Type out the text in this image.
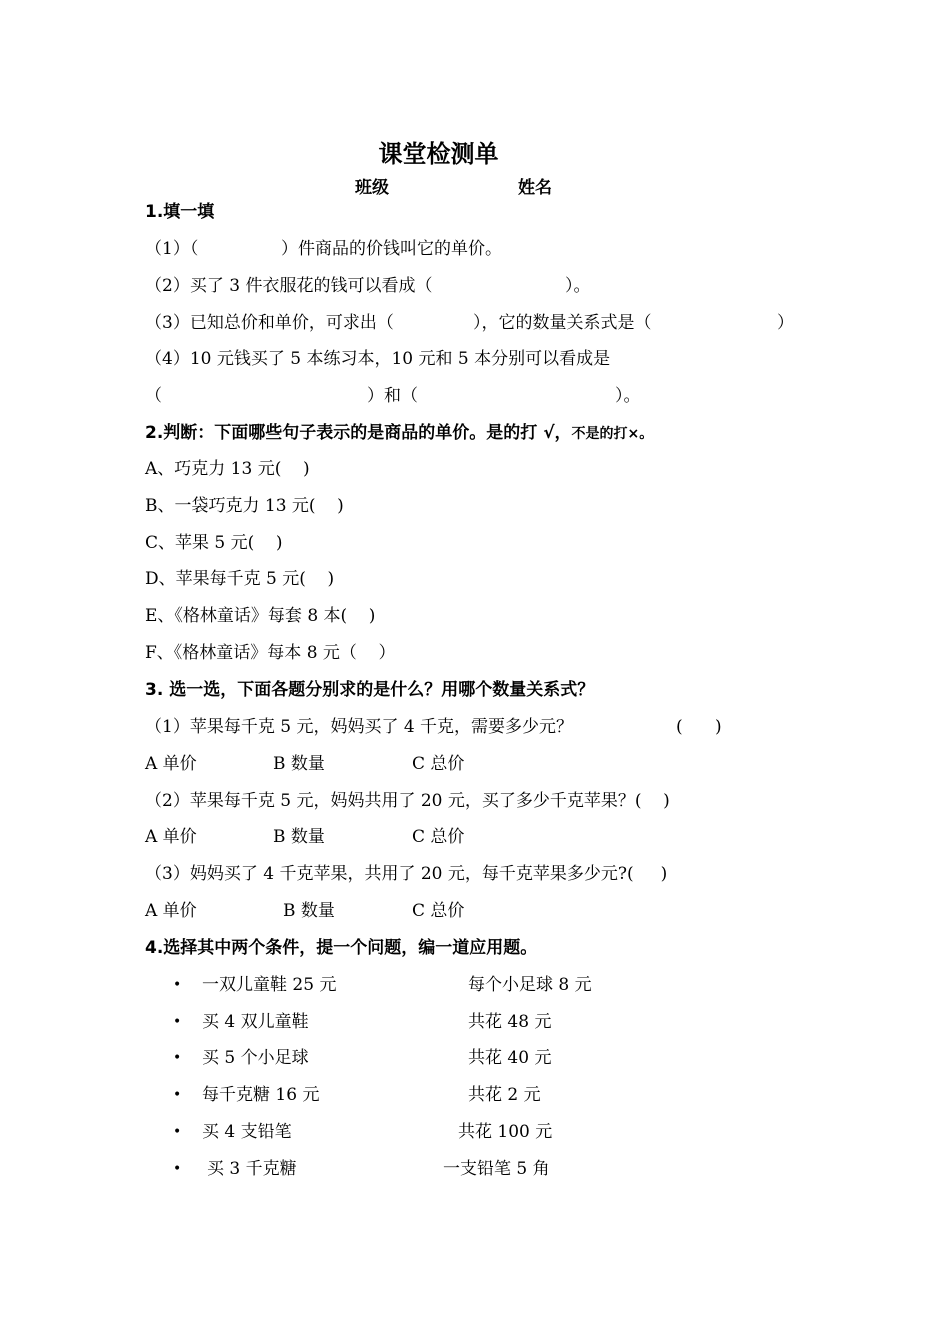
课堂检测单
班级	姓名
1.填一填
（1）（	）件商品的价钱叫它的单价。
（2）买了 3 件衣服花的钱可以看成（	）。
（3）已知总价和单价，可求出（	），它的数量关系式是（	）
（4）10 元钱买了 5 本练习本，10 元和 5 本分别可以看成是
（	）和（	）。
2.判断：下面哪些句子表示的是商品的单价。是的打 √，不是的打×。
A、巧克力 13 元(    )
B、一袋巧克力 13 元(    )
C、苹果 5 元(    )
D、苹果每千克 5 元(    )
E、《格林童话》每套 8 本(    )
F、《格林童话》每本 8 元（    ）
3. 选一选，下面各题分别求的是什么？用哪个数量关系式？
（1）苹果每千克 5 元，妈妈买了 4 千克，需要多少元？	(      )
A 单价	B 数量	C 总价
（2）苹果每千克 5 元，妈妈共用了 20 元，买了多少千克苹果？(    )
A 单价	B 数量	C 总价
（3）妈妈买了 4 千克苹果，共用了 20 元，每千克苹果多少元?(     )
A 单价	B 数量	C 总价
4.选择其中两个条件，提一个问题，编一道应用题。
• 一双儿童鞋 25 元	每个小足球 8 元
• 买 4 双儿童鞋	共花 48 元
• 买 5 个小足球	共花 40 元
• 每千克糖 16 元	共花 2 元
• 买 4 支铅笔	共花 100 元
• 买 3 千克糖	一支铅笔 5 角
